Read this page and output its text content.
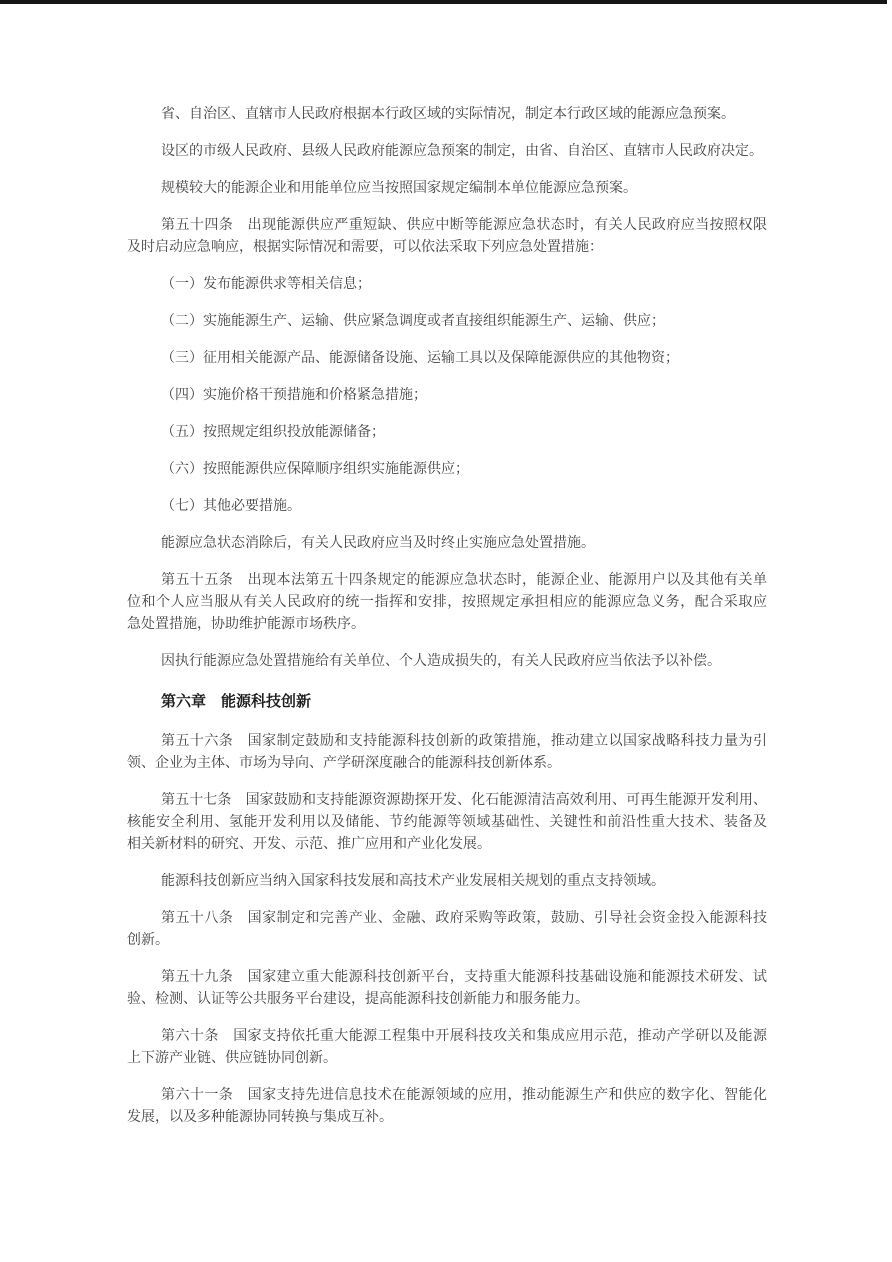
省、自治区、直辖市人民政府根据本行政区域的实际情况，制定本行政区域的能源应急预案。
设区的市级人民政府、县级人民政府能源应急预案的制定，由省、自治区、直辖市人民政府决定。
规模较大的能源企业和用能单位应当按照国家规定编制本单位能源应急预案。
第五十四条　出现能源供应严重短缺、供应中断等能源应急状态时，有关人民政府应当按照权限
及时启动应急响应，根据实际情况和需要，可以依法采取下列应急处置措施：
（一）发布能源供求等相关信息；
（二）实施能源生产、运输、供应紧急调度或者直接组织能源生产、运输、供应；
（三）征用相关能源产品、能源储备设施、运输工具以及保障能源供应的其他物资；
（四）实施价格干预措施和价格紧急措施；
（五）按照规定组织投放能源储备；
（六）按照能源供应保障顺序组织实施能源供应；
（七）其他必要措施。
能源应急状态消除后，有关人民政府应当及时终止实施应急处置措施。
第五十五条　出现本法第五十四条规定的能源应急状态时，能源企业、能源用户以及其他有关单
位和个人应当服从有关人民政府的统一指挥和安排，按照规定承担相应的能源应急义务，配合采取应
急处置措施，协助维护能源市场秩序。
因执行能源应急处置措施给有关单位、个人造成损失的，有关人民政府应当依法予以补偿。
第六章　能源科技创新
第五十六条　国家制定鼓励和支持能源科技创新的政策措施，推动建立以国家战略科技力量为引
领、企业为主体、市场为导向、产学研深度融合的能源科技创新体系。
第五十七条　国家鼓励和支持能源资源勘探开发、化石能源清洁高效利用、可再生能源开发利用、
核能安全利用、氢能开发利用以及储能、节约能源等领域基础性、关键性和前沿性重大技术、装备及
相关新材料的研究、开发、示范、推广应用和产业化发展。
能源科技创新应当纳入国家科技发展和高技术产业发展相关规划的重点支持领域。
第五十八条　国家制定和完善产业、金融、政府采购等政策，鼓励、引导社会资金投入能源科技
创新。
第五十九条　国家建立重大能源科技创新平台，支持重大能源科技基础设施和能源技术研发、试
验、检测、认证等公共服务平台建设，提高能源科技创新能力和服务能力。
第六十条　国家支持依托重大能源工程集中开展科技攻关和集成应用示范，推动产学研以及能源
上下游产业链、供应链协同创新。
第六十一条　国家支持先进信息技术在能源领域的应用，推动能源生产和供应的数字化、智能化
发展，以及多种能源协同转换与集成互补。
